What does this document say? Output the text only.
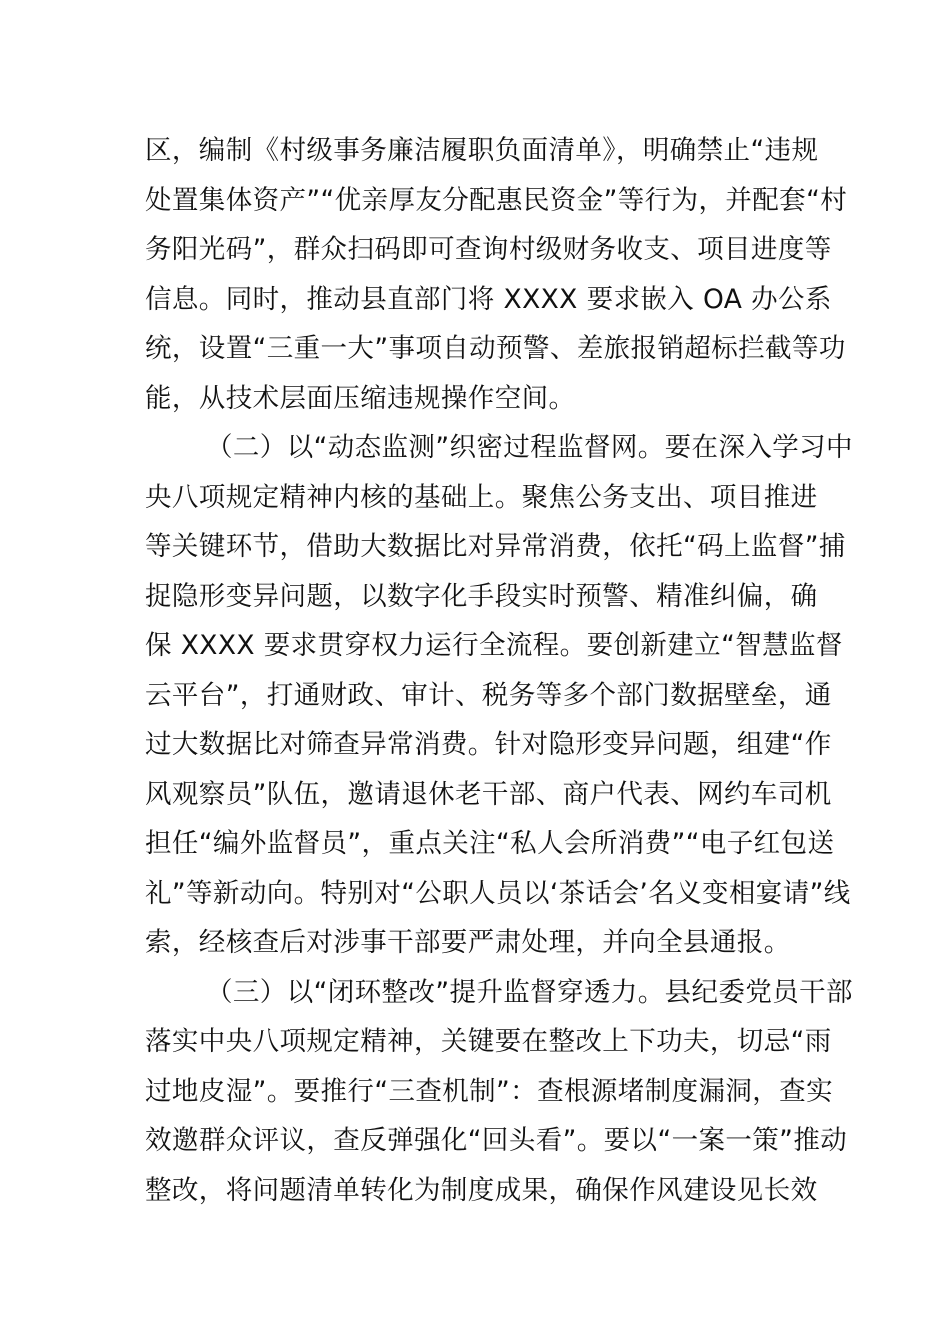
区，编制《村级事务廉洁履职负面清单》，明确禁止“违规
处置集体资产”“优亲厚友分配惠民资金”等行为，并配套“村
务阳光码”，群众扫码即可查询村级财务收支、项目进度等
信息。同时，推动县直部门将 XXXX 要求嵌入 OA 办公系
统，设置“三重一大”事项自动预警、差旅报销超标拦截等功
能，从技术层面压缩违规操作空间。
（二）以“动态监测”织密过程监督网。要在深入学习中
央八项规定精神内核的基础上。聚焦公务支出、项目推进
等关键环节，借助大数据比对异常消费，依托“码上监督”捕
捉隐形变异问题，以数字化手段实时预警、精准纠偏，确
保 XXXX 要求贯穿权力运行全流程。要创新建立“智慧监督
云平台”，打通财政、审计、税务等多个部门数据壁垒，通
过大数据比对筛查异常消费。针对隐形变异问题，组建“作
风观察员”队伍，邀请退休老干部、商户代表、网约车司机
担任“编外监督员”，重点关注“私人会所消费”“电子红包送
礼”等新动向。特别对“公职人员以‘茶话会’名义变相宴请”线
索，经核查后对涉事干部要严肃处理，并向全县通报。
（三）以“闭环整改”提升监督穿透力。县纪委党员干部
落实中央八项规定精神，关键要在整改上下功夫，切忌“雨
过地皮湿”。要推行“三查机制”：查根源堵制度漏洞，查实
效邀群众评议，查反弹强化“回头看”。要以“一案一策”推动
整改，将问题清单转化为制度成果，确保作风建设见长效
